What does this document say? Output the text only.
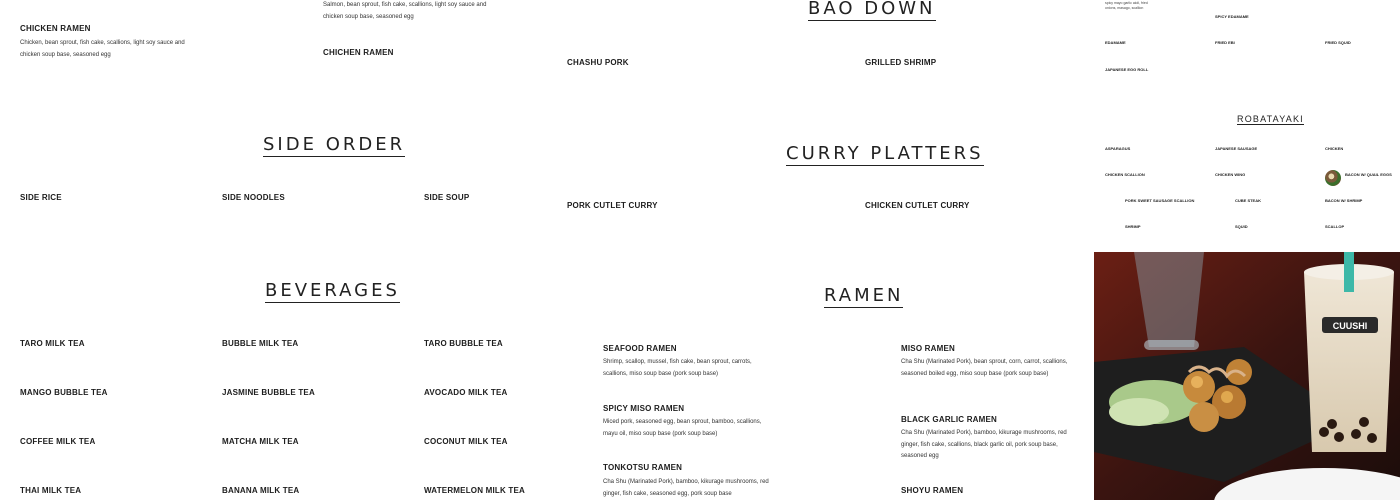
CHICKEN RAMEN
Chicken, bean sprout, fish cake, scallions, light soy sauce and chicken soup base, seasoned egg
Salmon, bean sprout, fish cake, scallions, light soy sauce and chicken soup base, seasoned egg
CHICHEN RAMEN
BAO DOWN
CHASHU PORK	GRILLED SHRIMP
SIDE ORDER
SIDE RICE	SIDE NOODLES	SIDE SOUP
CURRY PLATTERS
PORK CUTLET CURRY	CHICKEN CUTLET CURRY
BEVERAGES
TARO MILK TEA	BUBBLE MILK TEA	TARO BUBBLE TEA
MANGO BUBBLE TEA	JASMINE BUBBLE TEA	AVOCADO MILK TEA
COFFEE MILK TEA	MATCHA MILK TEA	COCONUT MILK TEA
THAI MILK TEA	BANANA MILK TEA	WATERMELON MILK TEA
RAMEN
SEAFOOD RAMEN
Shrimp, scallop, mussel, fish cake, bean sprout, carrots, scallions, miso soup base (pork soup base)
SPICY MISO RAMEN
Miced pork, seasoned egg, bean sprout, bamboo, scallions, mayu oil, miso soup base (pork soup base)
TONKOTSU RAMEN
Cha Shu (Marinated Pork), bamboo, kikurage mushrooms, red ginger, fish cake, seasoned egg, pork soup base
MISO RAMEN
Cha Shu (Marinated Pork), bean sprout, corn, carrot, scallions, seasoned boiled egg, miso soup base (pork soup base)
BLACK GARLIC RAMEN
Cha Shu (Marinated Pork), bamboo, kikurage mushrooms, red ginger, fish cake, scallions, black garlic oil, pork soup base, seasoned egg
SHOYU RAMEN
spicy mayo garlic aioli, fried onions, masago, scallion
SPICY EDAMAME
EDAMAME	FRIED EBI	FRIED SQUID
JAPANESE EGG ROLL
ROBATAYAKI
ASPARAGUS	JAPANESE SAUSAGE	CHICKEN
CHICKEN SCALLION	CHICKEN WING	BACON W/ QUAIL EGGS
PORK SWEET SAUSAGE SCALLION	CUBE STEAK	BACON W/ SHRIMP
SHRIMP	SQUID	SCALLOP
CUUSHI
